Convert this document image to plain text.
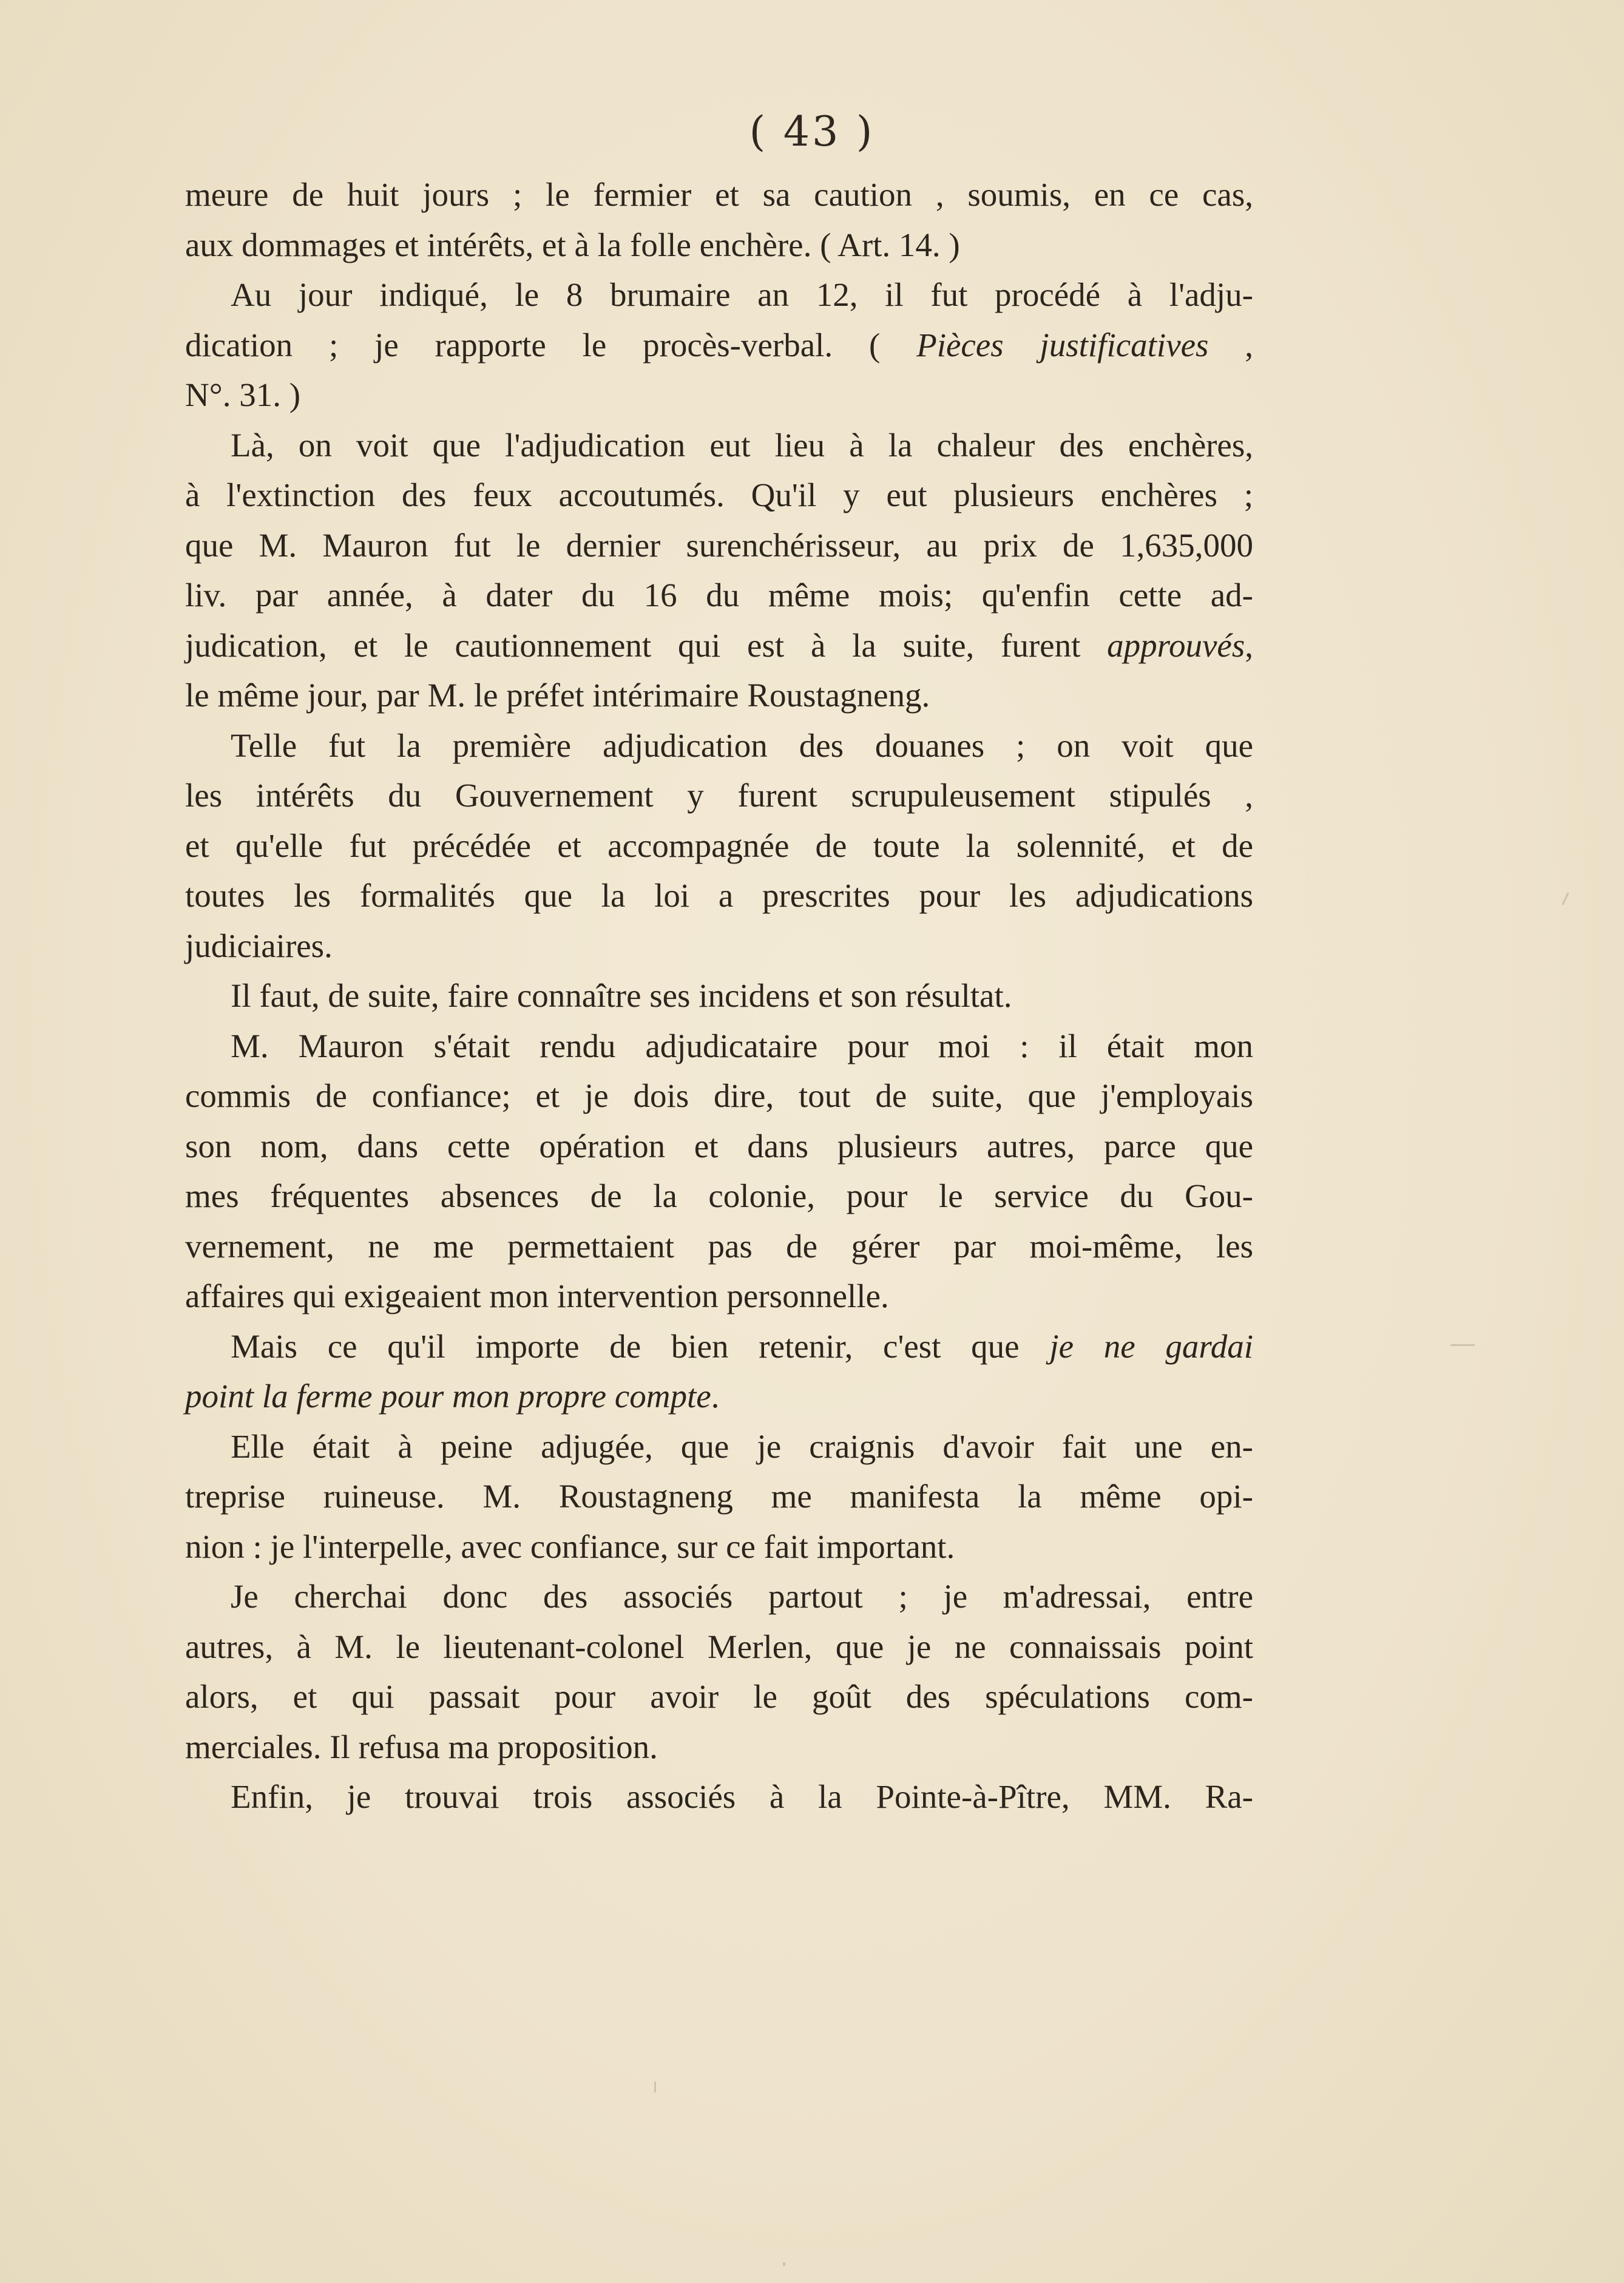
( 43 )
meure de huit jours ; le fermier et sa caution , soumis, en ce cas,
aux dommages et intérêts, et à la folle enchère. ( Art. 14. )
Au jour indiqué, le 8 brumaire an 12, il fut procédé à l'adju-
dication ; je rapporte le procès-verbal. ( Pièces justificatives ,
N°. 31. )
Là, on voit que l'adjudication eut lieu à la chaleur des enchères,
à l'extinction des feux accoutumés. Qu'il y eut plusieurs enchères ;
que M. Mauron fut le dernier surenchérisseur, au prix de 1,635,000
liv. par année, à dater du 16 du même mois; qu'enfin cette ad-
judication, et le cautionnement qui est à la suite, furent approuvés,
le même jour, par M. le préfet intérimaire Roustagneng.
Telle fut la première adjudication des douanes ; on voit que
les intérêts du Gouvernement y furent scrupuleusement stipulés ,
et qu'elle fut précédée et accompagnée de toute la solennité, et de
toutes les formalités que la loi a prescrites pour les adjudications
judiciaires.
Il faut, de suite, faire connaître ses incidens et son résultat.
M. Mauron s'était rendu adjudicataire pour moi : il était mon
commis de confiance; et je dois dire, tout de suite, que j'employais
son nom, dans cette opération et dans plusieurs autres, parce que
mes fréquentes absences de la colonie, pour le service du Gou-
vernement, ne me permettaient pas de gérer par moi-même, les
affaires qui exigeaient mon intervention personnelle.
Mais ce qu'il importe de bien retenir, c'est que je ne gardai
point la ferme pour mon propre compte.
Elle était à peine adjugée, que je craignis d'avoir fait une en-
treprise ruineuse. M. Roustagneng me manifesta la même opi-
nion : je l'interpelle, avec confiance, sur ce fait important.
Je cherchai donc des associés partout ; je m'adressai, entre
autres, à M. le lieutenant-colonel Merlen, que je ne connaissais point
alors, et qui passait pour avoir le goût des spéculations com-
merciales. Il refusa ma proposition.
Enfin, je trouvai trois associés à la Pointe-à-Pître, MM. Ra-
